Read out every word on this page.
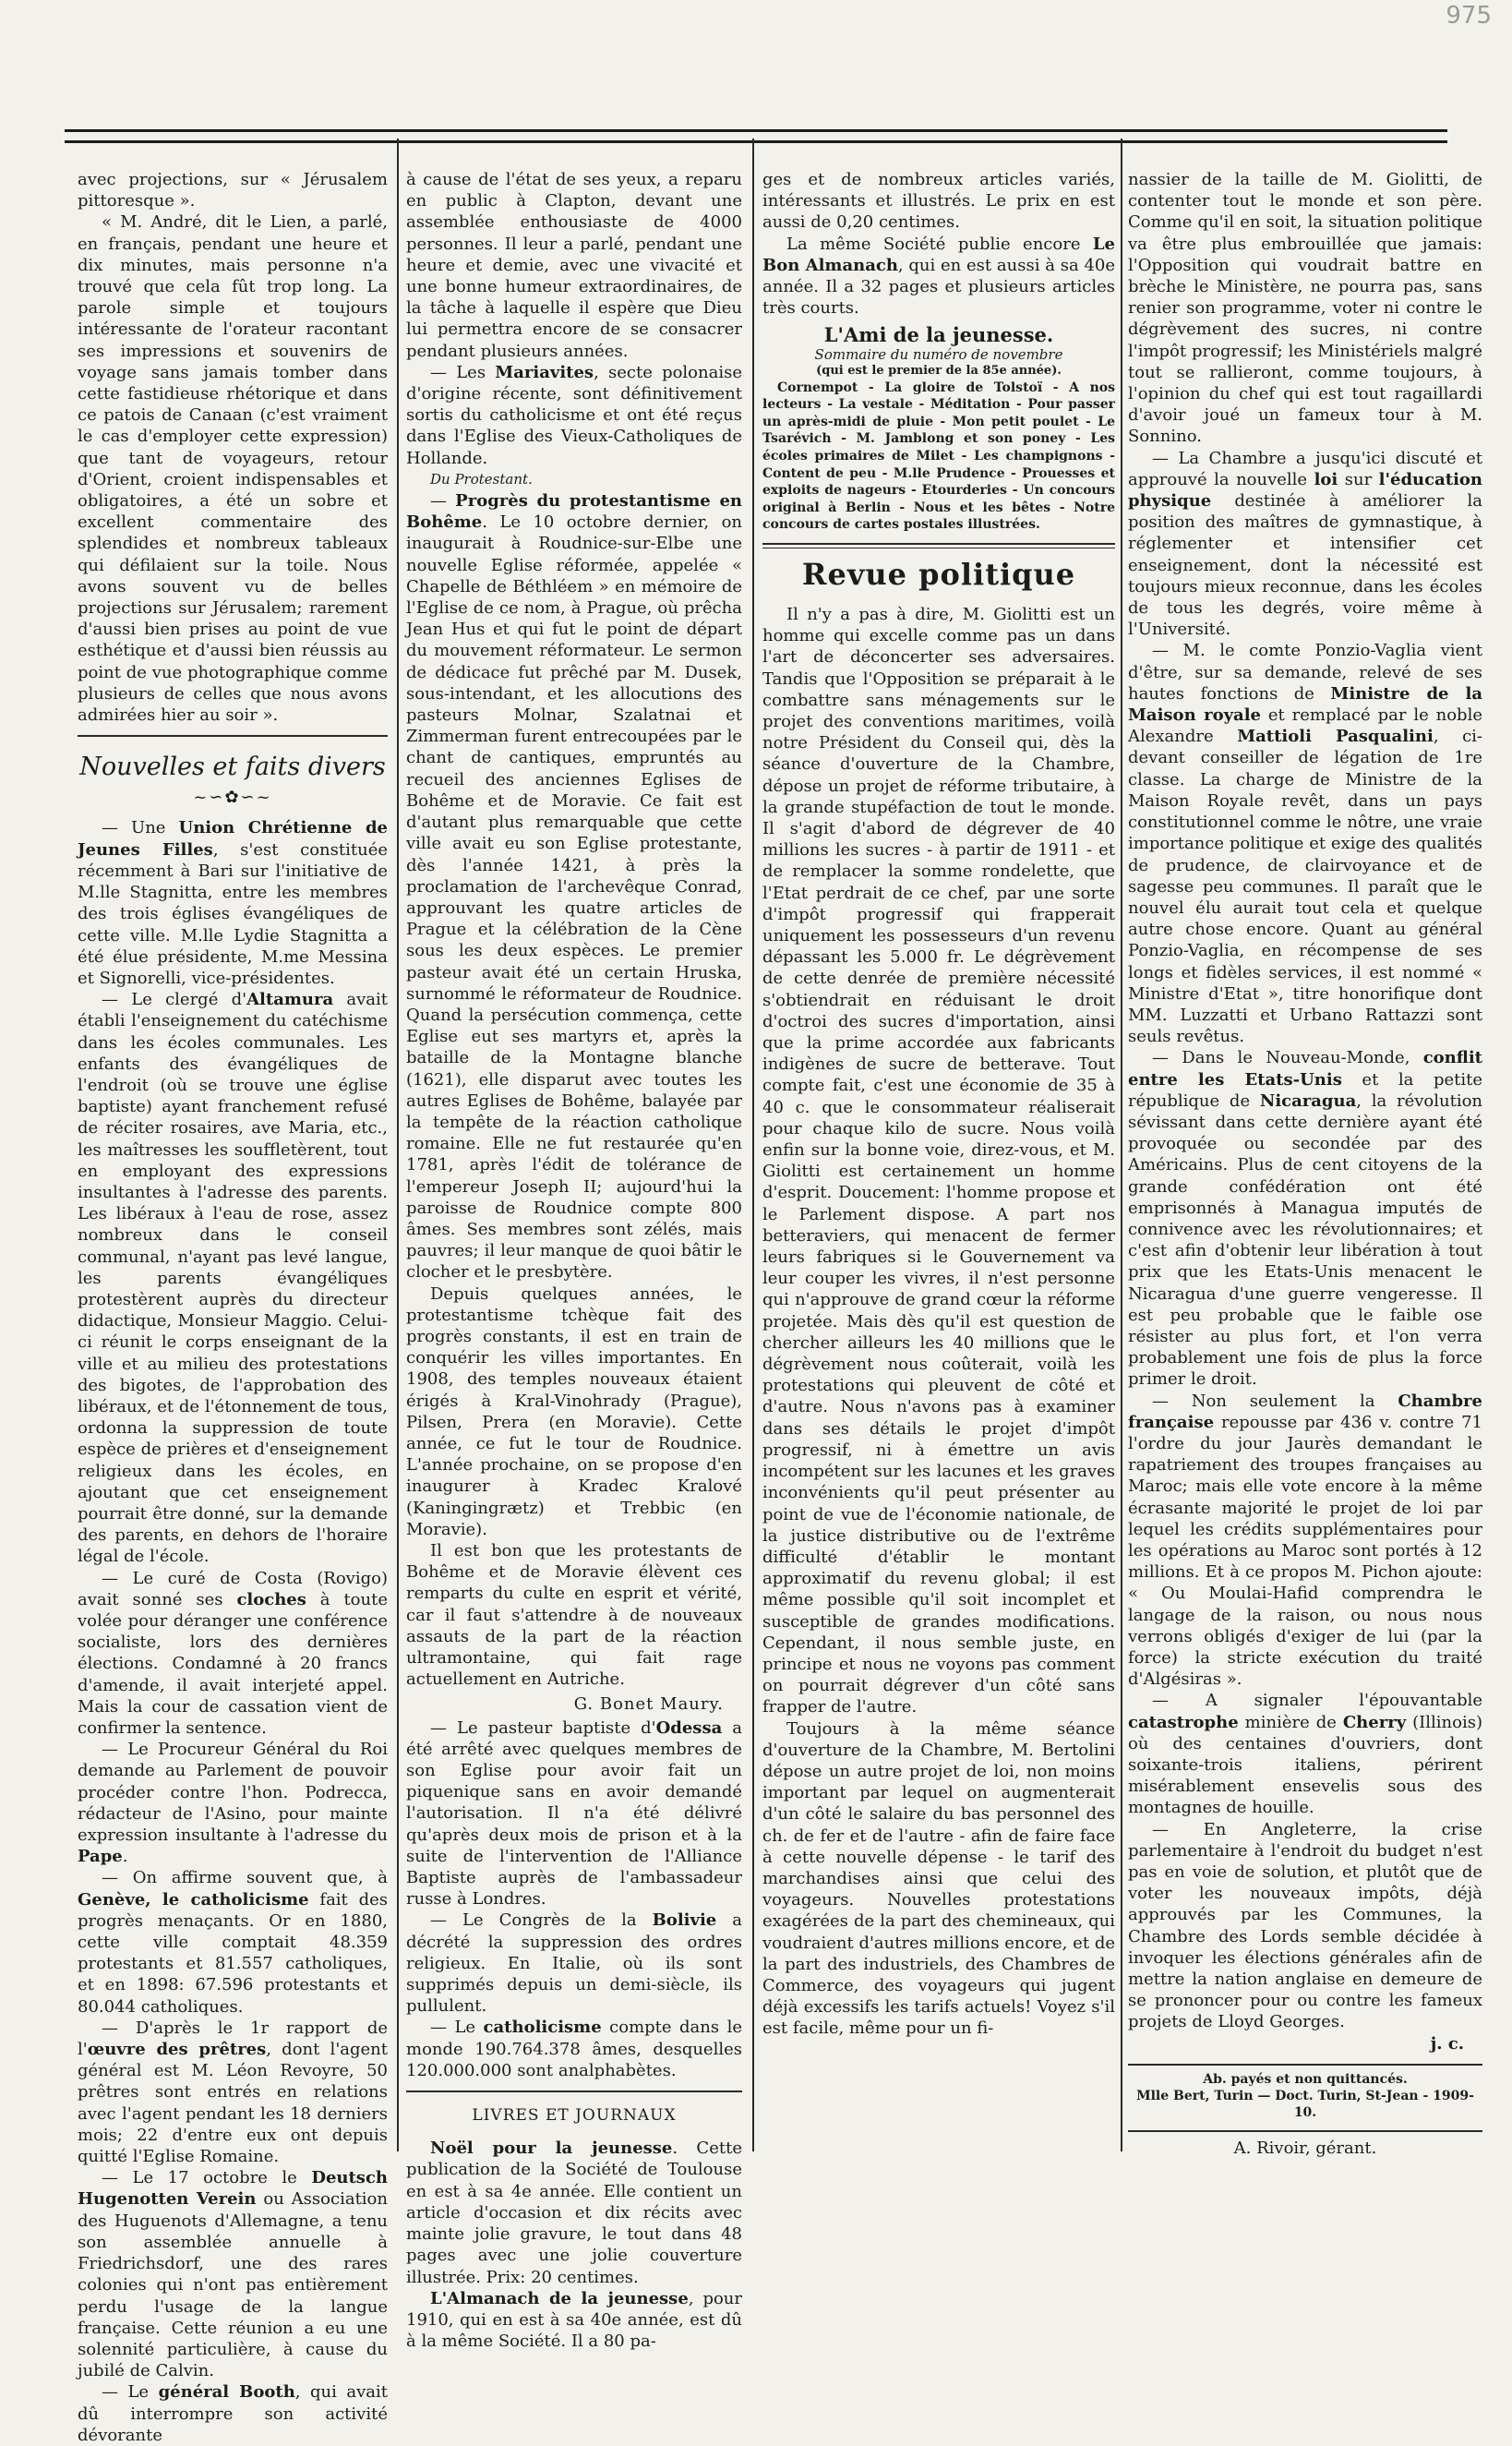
975

avec projections, sur « Jérusalem pittoresque ».

« M. André, dit le Lien, a parlé, en français, pendant une heure et dix minutes, mais personne n'a trouvé que cela fût trop long. La parole simple et toujours intéressante de l'orateur racontant ses impressions et souvenirs de voyage sans jamais tomber dans cette fastidieuse rhétorique et dans ce patois de Canaan (c'est vraiment le cas d'employer cette expression) que tant de voyageurs, retour d'Orient, croient indispensables et obligatoires, a été un sobre et excellent commentaire des splendides et nombreux tableaux qui défilaient sur la toile. Nous avons souvent vu de belles projections sur Jérusalem; rarement d'aussi bien prises au point de vue esthétique et d'aussi bien réussis au point de vue photographique comme plusieurs de celles que nous avons admirées hier au soir ».

Nouvelles et faits divers
~∽✿∽~

— Une Union Chrétienne de Jeunes Filles, s'est constituée récemment à Bari sur l'initiative de M.lle Stagnitta, entre les membres des trois églises évangéliques de cette ville. M.lle Lydie Stagnitta a été élue présidente, M.me Messina et Signorelli, vice-présidentes.

— Le clergé d'Altamura avait établi l'enseignement du catéchisme dans les écoles communales. Les enfants des évangéliques de l'endroit (où se trouve une église baptiste) ayant franchement refusé de réciter rosaires, ave Maria, etc., les maîtresses les souffletèrent, tout en employant des expressions insultantes à l'adresse des parents. Les libéraux à l'eau de rose, assez nombreux dans le conseil communal, n'ayant pas levé langue, les parents évangéliques protestèrent auprès du directeur didactique, Monsieur Maggio. Celui-ci réunit le corps enseignant de la ville et au milieu des protestations des bigotes, de l'approbation des libéraux, et de l'étonnement de tous, ordonna la suppression de toute espèce de prières et d'enseignement religieux dans les écoles, en ajoutant que cet enseignement pourrait être donné, sur la demande des parents, en dehors de l'horaire légal de l'école.

— Le curé de Costa (Rovigo) avait sonné ses cloches à toute volée pour déranger une conférence socialiste, lors des dernières élections. Condamné à 20 francs d'amende, il avait interjeté appel. Mais la cour de cassation vient de confirmer la sentence.

— Le Procureur Général du Roi demande au Parlement de pouvoir procéder contre l'hon. Podrecca, rédacteur de l'Asino, pour mainte expression insultante à l'adresse du Pape.

— On affirme souvent que, à Genève, le catholicisme fait des progrès menaçants. Or en 1880, cette ville comptait 48.359 protestants et 81.557 catholiques, et en 1898: 67.596 protestants et 80.044 catholiques.

— D'après le 1r rapport de l'œuvre des prêtres, dont l'agent général est M. Léon Revoyre, 50 prêtres sont entrés en relations avec l'agent pendant les 18 derniers mois; 22 d'entre eux ont depuis quitté l'Eglise Romaine.

— Le 17 octobre le Deutsch Hugenotten Verein ou Association des Huguenots d'Allemagne, a tenu son assemblée annuelle à Friedrichsdorf, une des rares colonies qui n'ont pas entièrement perdu l'usage de la langue française. Cette réunion a eu une solennité particulière, à cause du jubilé de Calvin.

— Le général Booth, qui avait dû interrompre son activité dévorante

à cause de l'état de ses yeux, a reparu en public à Clapton, devant une assemblée enthousiaste de 4000 personnes. Il leur a parlé, pendant une heure et demie, avec une vivacité et une bonne humeur extraordinaires, de la tâche à laquelle il espère que Dieu lui permettra encore de se consacrer pendant plusieurs années.

— Les Mariavites, secte polonaise d'origine récente, sont définitivement sortis du catholicisme et ont été reçus dans l'Eglise des Vieux-Catholiques de Hollande.

Du Protestant.

— Progrès du protestantisme en Bohême. Le 10 octobre dernier, on inaugurait à Roudnice-sur-Elbe une nouvelle Eglise réformée, appelée « Chapelle de Béthléem » en mémoire de l'Eglise de ce nom, à Prague, où prêcha Jean Hus et qui fut le point de départ du mouvement réformateur. Le sermon de dédicace fut prêché par M. Dusek, sous-intendant, et les allocutions des pasteurs Molnar, Szalatnai et Zimmerman furent entrecoupées par le chant de cantiques, empruntés au recueil des anciennes Eglises de Bohême et de Moravie. Ce fait est d'autant plus remarquable que cette ville avait eu son Eglise protestante, dès l'année 1421, à près la proclamation de l'archevêque Conrad, approuvant les quatre articles de Prague et la célébration de la Cène sous les deux espèces. Le premier pasteur avait été un certain Hruska, surnommé le réformateur de Roudnice. Quand la persécution commença, cette Eglise eut ses martyrs et, après la bataille de la Montagne blanche (1621), elle disparut avec toutes les autres Eglises de Bohême, balayée par la tempête de la réaction catholique romaine. Elle ne fut restaurée qu'en 1781, après l'édit de tolérance de l'empereur Joseph II; aujourd'hui la paroisse de Roudnice compte 800 âmes. Ses membres sont zélés, mais pauvres; il leur manque de quoi bâtir le clocher et le presbytère.

Depuis quelques années, le protestantisme tchèque fait des progrès constants, il est en train de conquérir les villes importantes. En 1908, des temples nouveaux étaient érigés à Kral-Vinohrady (Prague), Pilsen, Prera (en Moravie). Cette année, ce fut le tour de Roudnice. L'année prochaine, on se propose d'en inaugurer à Kradec Kralové (Kaningingrætz) et Trebbic (en Moravie).

Il est bon que les protestants de Bohême et de Moravie élèvent ces remparts du culte en esprit et vérité, car il faut s'attendre à de nouveaux assauts de la part de la réaction ultramontaine, qui fait rage actuellement en Autriche.

G. Bonet Maury.

— Le pasteur baptiste d'Odessa a été arrêté avec quelques membres de son Eglise pour avoir fait un piquenique sans en avoir demandé l'autorisation. Il n'a été délivré qu'après deux mois de prison et à la suite de l'intervention de l'Alliance Baptiste auprès de l'ambassadeur russe à Londres.

— Le Congrès de la Bolivie a décrété la suppression des ordres religieux. En Italie, où ils sont supprimés depuis un demi-siècle, ils pullulent.

— Le catholicisme compte dans le monde 190.764.378 âmes, desquelles 120.000.000 sont analphabètes.

LIVRES ET JOURNAUX

Noël pour la jeunesse. Cette publication de la Société de Toulouse en est à sa 4e année. Elle contient un article d'occasion et dix récits avec mainte jolie gravure, le tout dans 48 pages avec une jolie couverture illustrée. Prix: 20 centimes.

L'Almanach de la jeunesse, pour 1910, qui en est à sa 40e année, est dû à la même Société. Il a 80 pa-

ges et de nombreux articles variés, intéressants et illustrés. Le prix en est aussi de 0,20 centimes.

La même Société publie encore Le Bon Almanach, qui en est aussi à sa 40e année. Il a 32 pages et plusieurs articles très courts.

L'Ami de la jeunesse.
Sommaire du numéro de novembre
(qui est le premier de la 85e année).

Cornempot - La gloire de Tolstoï - A nos lecteurs - La vestale - Méditation - Pour passer un après-midi de pluie - Mon petit poulet - Le Tsarévich - M. Jamblong et son poney - Les écoles primaires de Milet - Les champignons - Content de peu - M.lle Prudence - Prouesses et exploits de nageurs - Etourderies - Un concours original à Berlin - Nous et les bêtes - Notre concours de cartes postales illustrées.

Revue politique

Il n'y a pas à dire, M. Giolitti est un homme qui excelle comme pas un dans l'art de déconcerter ses adversaires. Tandis que l'Opposition se préparait à le combattre sans ménagements sur le projet des conventions maritimes, voilà notre Président du Conseil qui, dès la séance d'ouverture de la Chambre, dépose un projet de réforme tributaire, à la grande stupéfaction de tout le monde. Il s'agit d'abord de dégrever de 40 millions les sucres - à partir de 1911 - et de remplacer la somme rondelette, que l'Etat perdrait de ce chef, par une sorte d'impôt progressif qui frapperait uniquement les possesseurs d'un revenu dépassant les 5.000 fr. Le dégrèvement de cette denrée de première nécessité s'obtiendrait en réduisant le droit d'octroi des sucres d'importation, ainsi que la prime accordée aux fabricants indigènes de sucre de betterave. Tout compte fait, c'est une économie de 35 à 40 c. que le consommateur réaliserait pour chaque kilo de sucre. Nous voilà enfin sur la bonne voie, direz-vous, et M. Giolitti est certainement un homme d'esprit. Doucement: l'homme propose et le Parlement dispose. A part nos betteraviers, qui menacent de fermer leurs fabriques si le Gouvernement va leur couper les vivres, il n'est personne qui n'approuve de grand cœur la réforme projetée. Mais dès qu'il est question de chercher ailleurs les 40 millions que le dégrèvement nous coûterait, voilà les protestations qui pleuvent de côté et d'autre. Nous n'avons pas à examiner dans ses détails le projet d'impôt progressif, ni à émettre un avis incompétent sur les lacunes et les graves inconvénients qu'il peut présenter au point de vue de l'économie nationale, de la justice distributive ou de l'extrême difficulté d'établir le montant approximatif du revenu global; il est même possible qu'il soit incomplet et susceptible de grandes modifications. Cependant, il nous semble juste, en principe et nous ne voyons pas comment on pourrait dégrever d'un côté sans frapper de l'autre.

Toujours à la même séance d'ouverture de la Chambre, M. Bertolini dépose un autre projet de loi, non moins important par lequel on augmenterait d'un côté le salaire du bas personnel des ch. de fer et de l'autre - afin de faire face à cette nouvelle dépense - le tarif des marchandises ainsi que celui des voyageurs. Nouvelles protestations exagérées de la part des chemineaux, qui voudraient d'autres millions encore, et de la part des industriels, des Chambres de Commerce, des voyageurs qui jugent déjà excessifs les tarifs actuels! Voyez s'il est facile, même pour un fi-

nassier de la taille de M. Giolitti, de contenter tout le monde et son père. Comme qu'il en soit, la situation politique va être plus embrouillée que jamais: l'Opposition qui voudrait battre en brèche le Ministère, ne pourra pas, sans renier son programme, voter ni contre le dégrèvement des sucres, ni contre l'impôt progressif; les Ministériels malgré tout se rallieront, comme toujours, à l'opinion du chef qui est tout ragaillardi d'avoir joué un fameux tour à M. Sonnino.

— La Chambre a jusqu'ici discuté et approuvé la nouvelle loi sur l'éducation physique destinée à améliorer la position des maîtres de gymnastique, à réglementer et intensifier cet enseignement, dont la nécessité est toujours mieux reconnue, dans les écoles de tous les degrés, voire même à l'Université.

— M. le comte Ponzio-Vaglia vient d'être, sur sa demande, relevé de ses hautes fonctions de Ministre de la Maison royale et remplacé par le noble Alexandre Mattioli Pasqualini, ci-devant conseiller de légation de 1re classe. La charge de Ministre de la Maison Royale revêt, dans un pays constitutionnel comme le nôtre, une vraie importance politique et exige des qualités de prudence, de clairvoyance et de sagesse peu communes. Il paraît que le nouvel élu aurait tout cela et quelque autre chose encore. Quant au général Ponzio-Vaglia, en récompense de ses longs et fidèles services, il est nommé « Ministre d'Etat », titre honorifique dont MM. Luzzatti et Urbano Rattazzi sont seuls revêtus.

— Dans le Nouveau-Monde, conflit entre les Etats-Unis et la petite république de Nicaragua, la révolution sévissant dans cette dernière ayant été provoquée ou secondée par des Américains. Plus de cent citoyens de la grande confédération ont été emprisonnés à Managua imputés de connivence avec les révolutionnaires; et c'est afin d'obtenir leur libération à tout prix que les Etats-Unis menacent le Nicaragua d'une guerre vengeresse. Il est peu probable que le faible ose résister au plus fort, et l'on verra probablement une fois de plus la force primer le droit.

— Non seulement la Chambre française repousse par 436 v. contre 71 l'ordre du jour Jaurès demandant le rapatriement des troupes françaises au Maroc; mais elle vote encore à la même écrasante majorité le projet de loi par lequel les crédits supplémentaires pour les opérations au Maroc sont portés à 12 millions. Et à ce propos M. Pichon ajoute: « Ou Moulai-Hafid comprendra le langage de la raison, ou nous nous verrons obligés d'exiger de lui (par la force) la stricte exécution du traité d'Algésiras ».

— A signaler l'épouvantable catastrophe minière de Cherry (Illinois) où des centaines d'ouvriers, dont soixante-trois italiens, périrent misérablement ensevelis sous des montagnes de houille.

— En Angleterre, la crise parlementaire à l'endroit du budget n'est pas en voie de solution, et plutôt que de voter les nouveaux impôts, déjà approuvés par les Communes, la Chambre des Lords semble décidée à invoquer les élections générales afin de mettre la nation anglaise en demeure de se prononcer pour ou contre les fameux projets de Lloyd Georges.

j. c.
Ab. payés et non quittancés.
Mlle Bert, Turin — Doct. Turin, St-Jean - 1909-10.
A. Rivoir, gérant.
